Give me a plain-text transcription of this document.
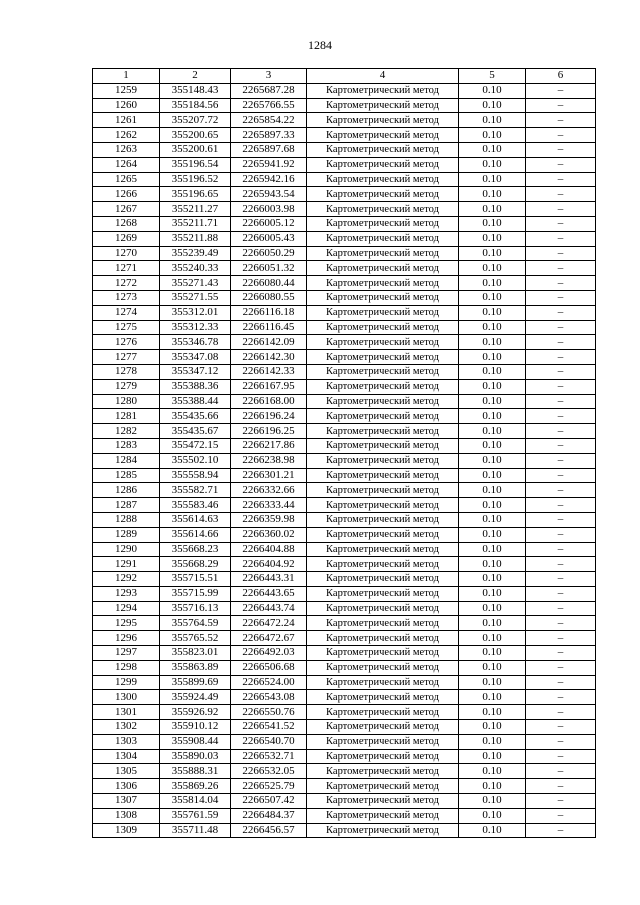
1284
1	2	3	4	5	6
1259	355148.43	2265687.28	Картометрический метод	0.10	–
1260	355184.56	2265766.55	Картометрический метод	0.10	–
1261	355207.72	2265854.22	Картометрический метод	0.10	–
1262	355200.65	2265897.33	Картометрический метод	0.10	–
1263	355200.61	2265897.68	Картометрический метод	0.10	–
1264	355196.54	2265941.92	Картометрический метод	0.10	–
1265	355196.52	2265942.16	Картометрический метод	0.10	–
1266	355196.65	2265943.54	Картометрический метод	0.10	–
1267	355211.27	2266003.98	Картометрический метод	0.10	–
1268	355211.71	2266005.12	Картометрический метод	0.10	–
1269	355211.88	2266005.43	Картометрический метод	0.10	–
1270	355239.49	2266050.29	Картометрический метод	0.10	–
1271	355240.33	2266051.32	Картометрический метод	0.10	–
1272	355271.43	2266080.44	Картометрический метод	0.10	–
1273	355271.55	2266080.55	Картометрический метод	0.10	–
1274	355312.01	2266116.18	Картометрический метод	0.10	–
1275	355312.33	2266116.45	Картометрический метод	0.10	–
1276	355346.78	2266142.09	Картометрический метод	0.10	–
1277	355347.08	2266142.30	Картометрический метод	0.10	–
1278	355347.12	2266142.33	Картометрический метод	0.10	–
1279	355388.36	2266167.95	Картометрический метод	0.10	–
1280	355388.44	2266168.00	Картометрический метод	0.10	–
1281	355435.66	2266196.24	Картометрический метод	0.10	–
1282	355435.67	2266196.25	Картометрический метод	0.10	–
1283	355472.15	2266217.86	Картометрический метод	0.10	–
1284	355502.10	2266238.98	Картометрический метод	0.10	–
1285	355558.94	2266301.21	Картометрический метод	0.10	–
1286	355582.71	2266332.66	Картометрический метод	0.10	–
1287	355583.46	2266333.44	Картометрический метод	0.10	–
1288	355614.63	2266359.98	Картометрический метод	0.10	–
1289	355614.66	2266360.02	Картометрический метод	0.10	–
1290	355668.23	2266404.88	Картометрический метод	0.10	–
1291	355668.29	2266404.92	Картометрический метод	0.10	–
1292	355715.51	2266443.31	Картометрический метод	0.10	–
1293	355715.99	2266443.65	Картометрический метод	0.10	–
1294	355716.13	2266443.74	Картометрический метод	0.10	–
1295	355764.59	2266472.24	Картометрический метод	0.10	–
1296	355765.52	2266472.67	Картометрический метод	0.10	–
1297	355823.01	2266492.03	Картометрический метод	0.10	–
1298	355863.89	2266506.68	Картометрический метод	0.10	–
1299	355899.69	2266524.00	Картометрический метод	0.10	–
1300	355924.49	2266543.08	Картометрический метод	0.10	–
1301	355926.92	2266550.76	Картометрический метод	0.10	–
1302	355910.12	2266541.52	Картометрический метод	0.10	–
1303	355908.44	2266540.70	Картометрический метод	0.10	–
1304	355890.03	2266532.71	Картометрический метод	0.10	–
1305	355888.31	2266532.05	Картометрический метод	0.10	–
1306	355869.26	2266525.79	Картометрический метод	0.10	–
1307	355814.04	2266507.42	Картометрический метод	0.10	–
1308	355761.59	2266484.37	Картометрический метод	0.10	–
1309	355711.48	2266456.57	Картометрический метод	0.10	–
